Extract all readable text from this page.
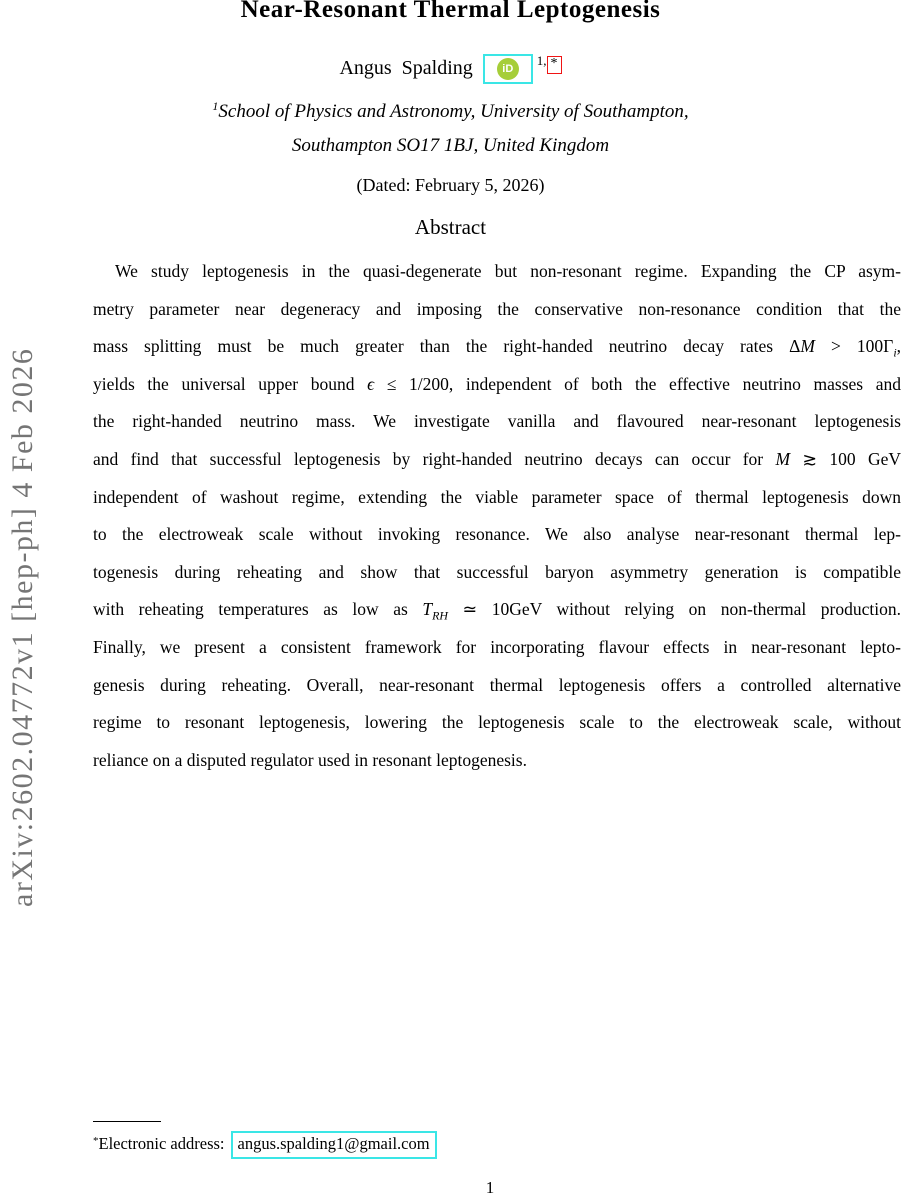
arXiv:2602.04772v1 [hep-ph] 4 Feb 2026
Near-Resonant Thermal Leptogenesis
Angus Spalding	$iD^{1,}$ *
$^1$School of Physics and Astronomy, University of Southampton,
Southampton SO17 1BJ, United Kingdom
(Dated: February 5, 2026)
Abstract
We study leptogenesis in the quasi-degenerate but non-resonant regime. Expanding the CP asym-
metry parameter near degeneracy and imposing the conservative non-resonance condition that the
mass splitting must be much greater than the right-handed neutrino decay rates $\Delta M > 100\Gamma_i$,
yields the universal upper bound ϵ ≤ 1/200, independent of both the effective neutrino masses and
the right-handed neutrino mass. We investigate vanilla and flavoured near-resonant leptogenesis
and find that successful leptogenesis by right-handed neutrino decays can occur for M ≳ 100 GeV
independent of washout regime, extending the viable parameter space of thermal leptogenesis down
to the electroweak scale without invoking resonance. We also analyse near-resonant thermal lep-
togenesis during reheating and show that successful baryon asymmetry generation is compatible
with reheating temperatures as low as $T_{RH}$ ≃ 10GeV without relying on non-thermal production.
Finally, we present a consistent framework for incorporating flavour effects in near-resonant lepto-
genesis during reheating. Overall, near-resonant thermal leptogenesis offers a controlled alternative
regime to resonant leptogenesis, lowering the leptogenesis scale to the electroweak scale, without
reliance on a disputed regulator used in resonant leptogenesis.
*Electronic address: angus.spalding1@gmail.com
1
